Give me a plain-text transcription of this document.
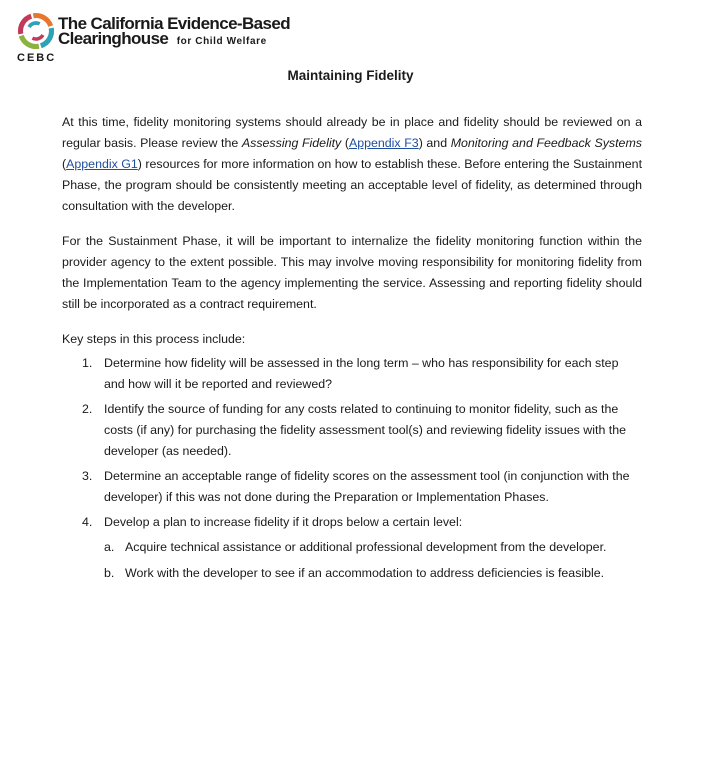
The California Evidence-Based
Clearinghouse for Child Welfare
CEBC
Maintaining Fidelity

At this time, fidelity monitoring systems should already be in place and fidelity should be reviewed on a regular basis. Please review the Assessing Fidelity (Appendix F3) and Monitoring and Feedback Systems (Appendix G1) resources for more information on how to establish these. Before entering the Sustainment Phase, the program should be consistently meeting an acceptable level of fidelity, as determined through consultation with the developer.

For the Sustainment Phase, it will be important to internalize the fidelity monitoring function within the provider agency to the extent possible. This may involve moving responsibility for monitoring fidelity from the Implementation Team to the agency implementing the service. Assessing and reporting fidelity should still be incorporated as a contract requirement.

Key steps in this process include:

1. Determine how fidelity will be assessed in the long term – who has responsibility for each step and how will it be reported and reviewed?
2. Identify the source of funding for any costs related to continuing to monitor fidelity, such as the costs (if any) for purchasing the fidelity assessment tool(s) and reviewing fidelity issues with the developer (as needed).
3. Determine an acceptable range of fidelity scores on the assessment tool (in conjunction with the developer) if this was not done during the Preparation or Implementation Phases.
4. Develop a plan to increase fidelity if it drops below a certain level:
a. Acquire technical assistance or additional professional development from the developer.
b. Work with the developer to see if an accommodation to address deficiencies is feasible.
